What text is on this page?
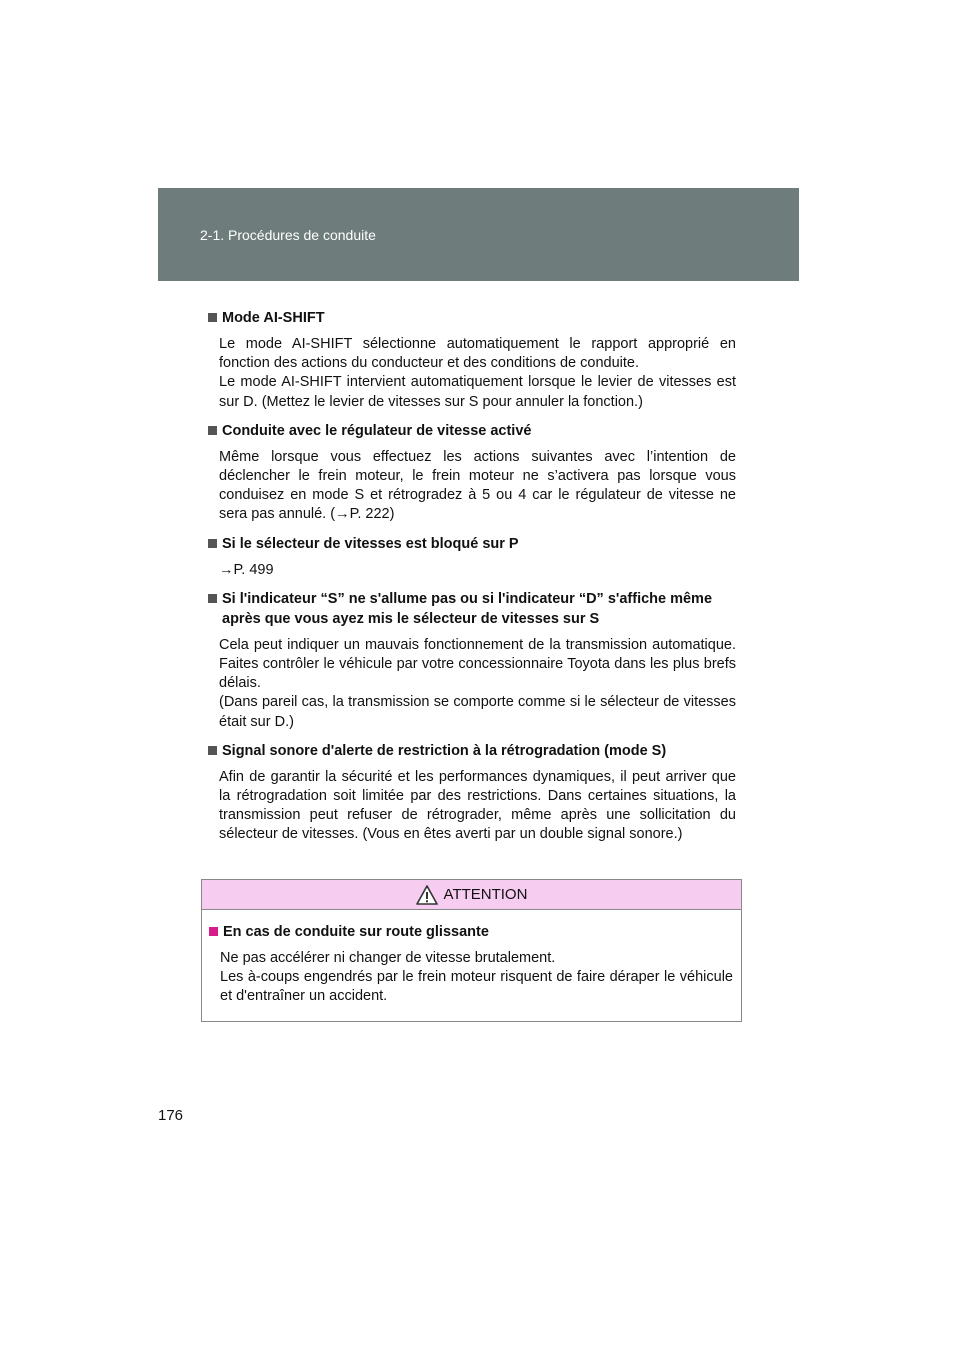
2-1. Procédures de conduite
Mode AI-SHIFT

Le mode AI-SHIFT sélectionne automatiquement le rapport approprié en fonction des actions du conducteur et des conditions de conduite.

Le mode AI-SHIFT intervient automatiquement lorsque le levier de vitesses est sur D. (Mettez le levier de vitesses sur S pour annuler la fonction.)

Conduite avec le régulateur de vitesse activé

Même lorsque vous effectuez les actions suivantes avec l’intention de déclencher le frein moteur, le frein moteur ne s’activera pas lorsque vous conduisez en mode S et rétrogradez à 5 ou 4 car le régulateur de vitesse ne sera pas annulé. (→P. 222)

Si le sélecteur de vitesses est bloqué sur P

→P. 499

Si l'indicateur “S” ne s'allume pas ou si l'indicateur “D” s'affiche même après que vous ayez mis le sélecteur de vitesses sur S

Cela peut indiquer un mauvais fonctionnement de la transmission automatique. Faites contrôler le véhicule par votre concessionnaire Toyota dans les plus brefs délais.

(Dans pareil cas, la transmission se comporte comme si le sélecteur de vitesses était sur D.)

Signal sonore d'alerte de restriction à la rétrogradation (mode S)

Afin de garantir la sécurité et les performances dynamiques, il peut arriver que la rétrogradation soit limitée par des restrictions. Dans certaines situations, la transmission peut refuser de rétrograder, même après une sollicitation du sélecteur de vitesses. (Vous en êtes averti par un double signal sonore.)

ATTENTION
En cas de conduite sur route glissante

Ne pas accélérer ni changer de vitesse brutalement.

Les à-coups engendrés par le frein moteur risquent de faire déraper le véhicule et d'entraîner un accident.

176
